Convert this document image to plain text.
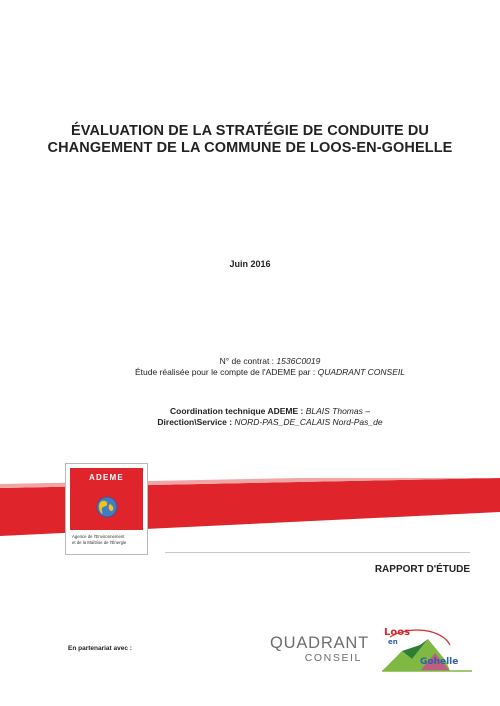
ÉVALUATION DE LA STRATÉGIE DE CONDUITE DU
CHANGEMENT DE LA COMMUNE DE LOOS-EN-GOHELLE
Juin 2016
N° de contrat : 1536C0019
Étude réalisée pour le compte de l'ADEME par : QUADRANT CONSEIL
Coordination technique ADEME : BLAIS Thomas –
Direction\Service : NORD-PAS_DE_CALAIS Nord-Pas_de
ADEME
Agence de l'Environnement
et de la Maîtrise de l'Énergie
RAPPORT D'ÉTUDE
En partenariat avec :	QUADRANT
CONSEIL
Loos
en
Gohelle
